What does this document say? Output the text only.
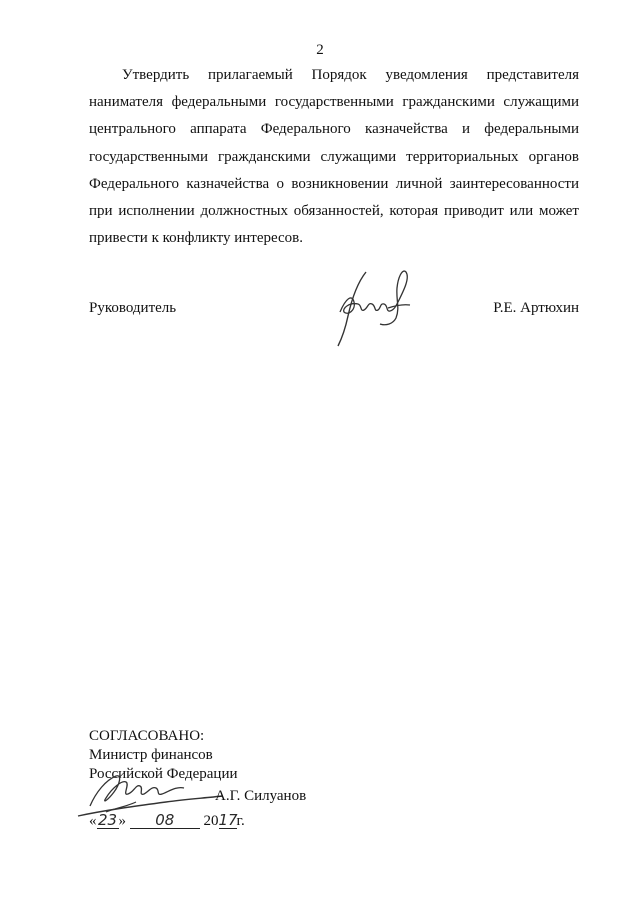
2

Утвердить прилагаемый Порядок уведомления представителя нанимателя федеральными государственными гражданскими служащими центрального аппарата Федерального казначейства и федеральными государственными гражданскими служащими территориальных органов Федерального казначейства о возникновении личной заинтересованности при исполнении должностных обязанностей, которая приводит или может привести к конфликту интересов.

Руководитель	Р.Е. Артюхин
СОГЛАСОВАНО:
Министр финансов
Российской Федерации
А.Г. Силуанов
«23» 08 2017г.
